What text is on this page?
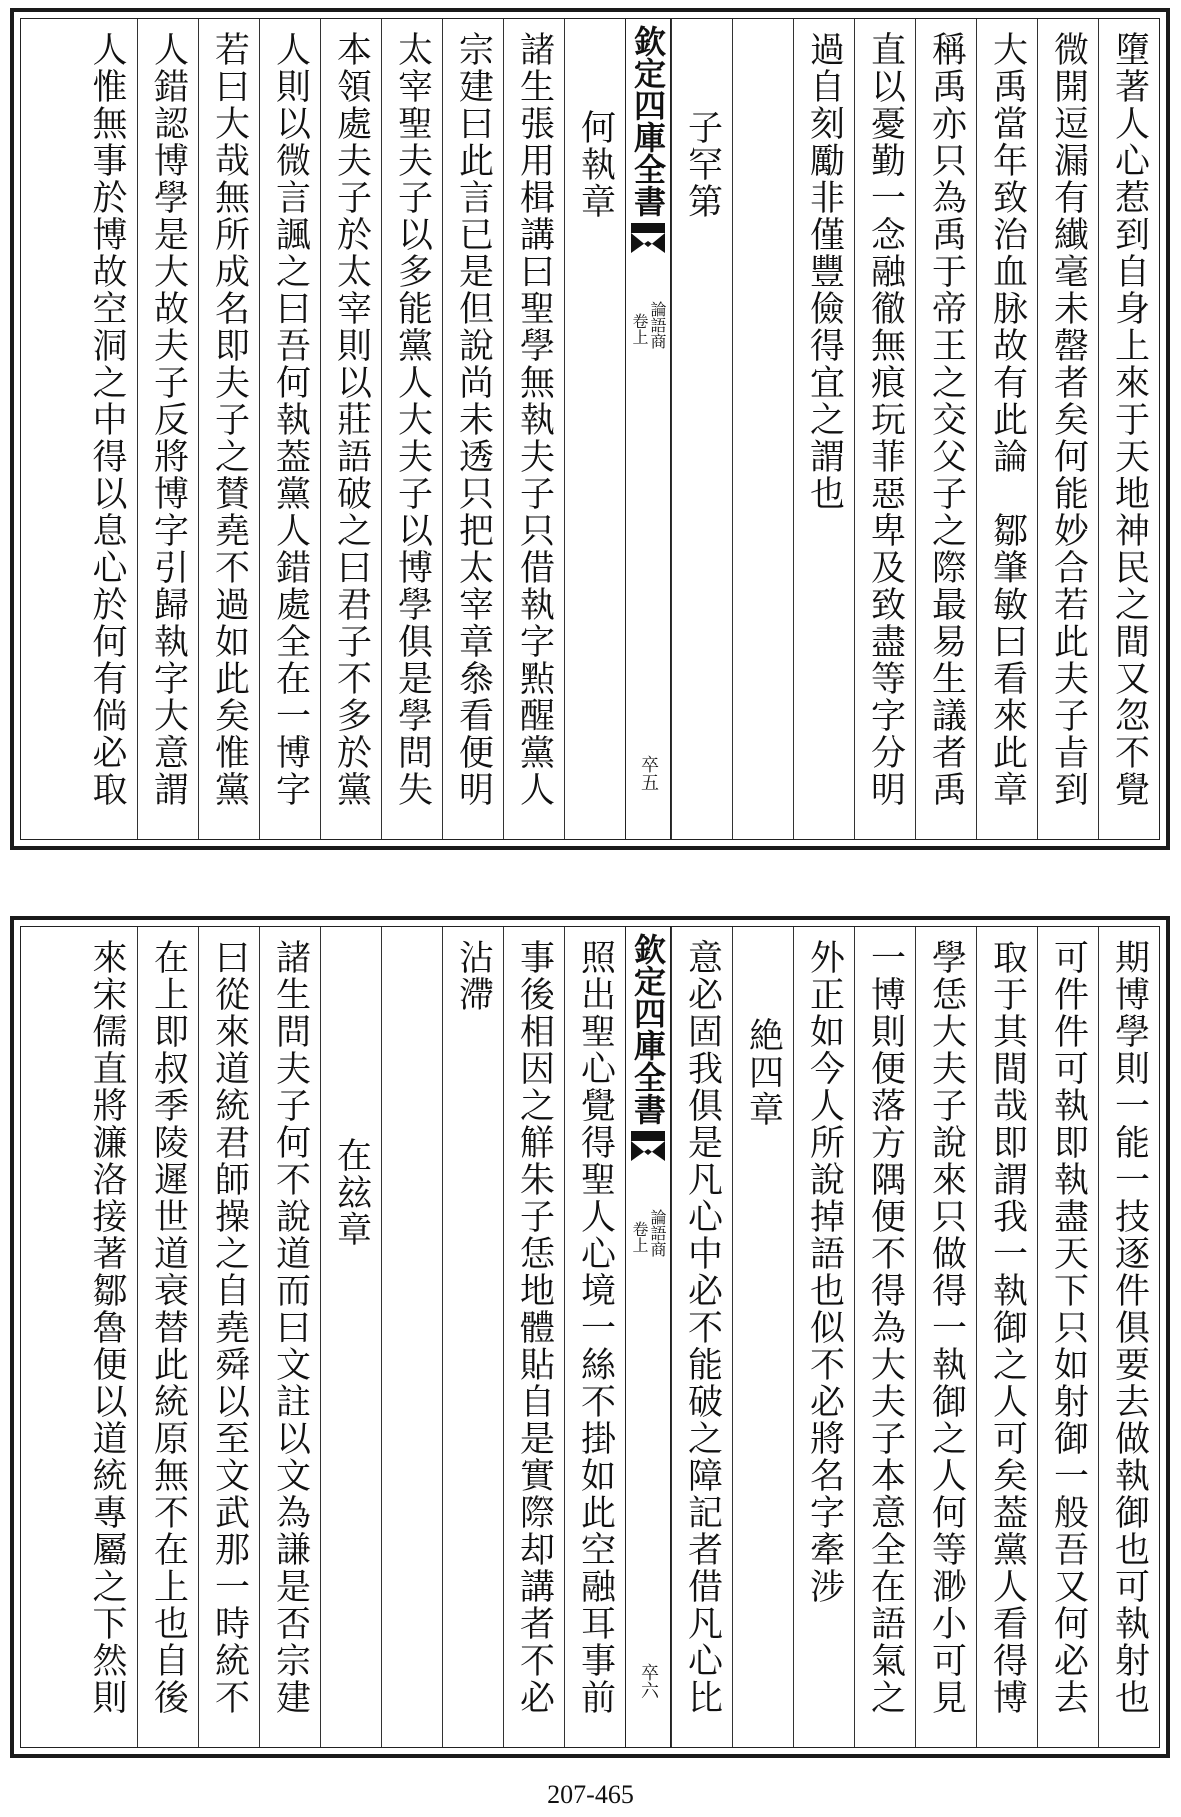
墮著人心惹到自身上來于天地神民之間又忽不覺
微開逗漏有纎毫未罄者矣何能妙合若此夫子㫖到
大禹當年致治血脉故有此論　鄒肇敏曰看來此章
稱禹亦只為禹于帝王之交父子之際最易生議者禹
直以憂勤一念融徹無痕玩菲惡卑及致盡等字分明
過自刻勵非僅豐儉得宜之謂也
子罕第
欽定四庫全書
論語商
卷上
卒五
何執章
諸生張用楫講曰聖學無執夫子只借執字㸃醒黨人
宗建曰此言已是但說尚未透只把太宰章叅看便明
太宰聖夫子以多能黨人大夫子以博學俱是學問失
本領處夫子於太宰則以莊語破之曰君子不多於黨
人則以微言諷之曰吾何執葢黨人錯處全在一博字
若曰大哉無所成名即夫子之賛堯不過如此矣惟黨
人錯認博學是大故夫子反將博字引歸執字大意謂
人惟無事於博故空洞之中得以息心於何有倘必取
期博學則一能一技逐件俱要去做執御也可執射也
可件件可執即執盡天下只如射御一般吾又何必去
取于其間哉即謂我一執御之人可矣葢黨人看得博
學恁大夫子說來只做得一執御之人何等渺小可見
一博則便落方隅便不得為大夫子本意全在語氣之
外正如今人所說掉語也似不必將名字牽涉
絶四章
意必固我俱是凡心中必不能破之障記者借凡心比
欽定四庫全書
論語商
卷上
卒六
照出聖心覺得聖人心境一絲不掛如此空融耳事前
事後相因之觧朱子恁地體貼自是實際却講者不必
沾滯
在玆章
諸生問夫子何不說道而曰文註以文為謙是否宗建
曰從來道統君師操之自堯舜以至文武那一時統不
在上即叔季陵遲世道衰替此統原無不在上也自後
來宋儒直將濂洛接著鄒魯便以道統專屬之下然則
207-465
